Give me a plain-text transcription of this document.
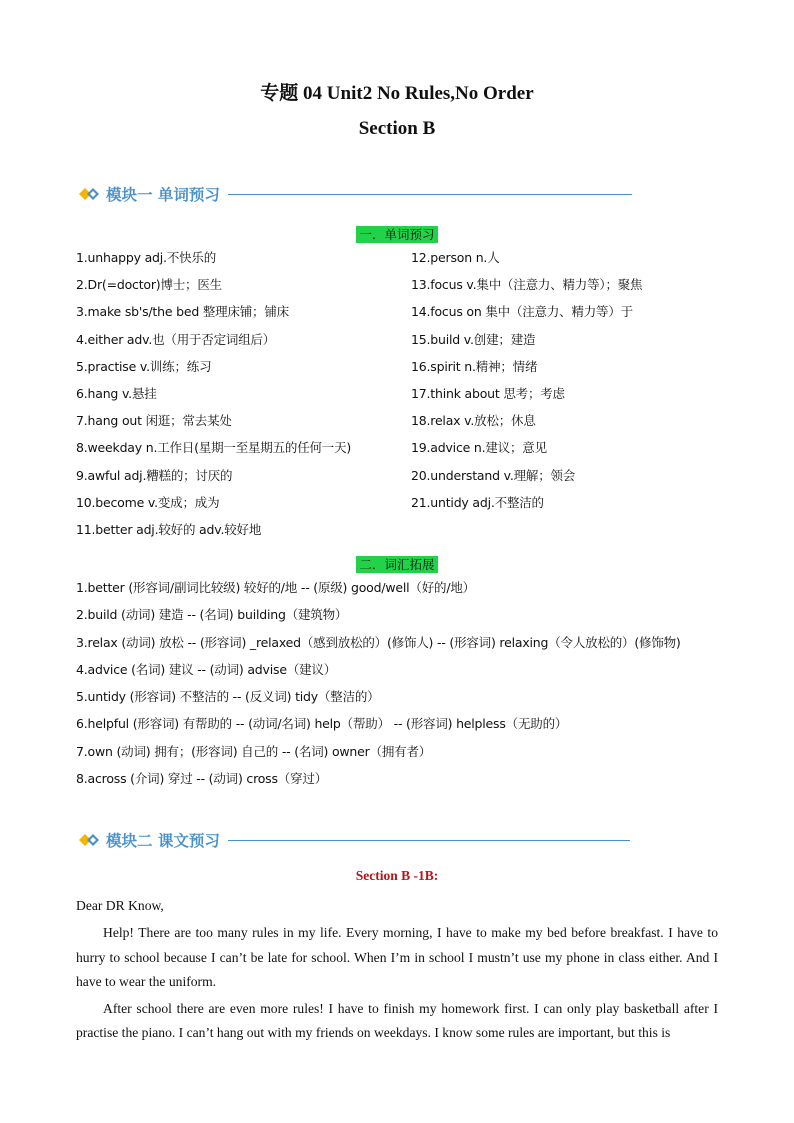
专题 04 Unit2 No Rules,No Order
Section B
模块一 单词预习
一．单词预习
1.unhappy adj.不快乐的
2.Dr(=doctor)博士；医生
3.make sb's/the bed 整理床铺；铺床
4.either adv.也（用于否定词组后）
5.practise v.训练；练习
6.hang v.悬挂
7.hang out 闲逛；常去某处
8.weekday n.工作日(星期一至星期五的任何一天)
9.awful adj.糟糕的；讨厌的
10.become v.变成；成为
11.better adj.较好的 adv.较好地
12.person n.人
13.focus v.集中（注意力、精力等）；聚焦
14.focus on 集中（注意力、精力等）于
15.build v.创建；建造
16.spirit n.精神；情绪
17.think about 思考；考虑
18.relax v.放松；休息
19.advice n.建议；意见
20.understand v.理解；领会
21.untidy adj.不整洁的
二．词汇拓展
1.better (形容词/副词比较级) 较好的/地 -- (原级) good/well（好的/地）
2.build (动词) 建造 -- (名词) building（建筑物）
3.relax (动词) 放松 -- (形容词) _relaxed（感到放松的）(修饰人) -- (形容词) relaxing（令人放松的）(修饰物)
4.advice (名词) 建议 -- (动词) advise（建议）
5.untidy (形容词) 不整洁的 -- (反义词) tidy（整洁的）
6.helpful (形容词) 有帮助的 -- (动词/名词) help（帮助） -- (形容词) helpless（无助的）
7.own (动词) 拥有；(形容词) 自己的 -- (名词) owner（拥有者）
8.across (介词) 穿过 -- (动词) cross（穿过）
模块二 课文预习
Section B -1B:

Dear DR Know,

Help! There are too many rules in my life. Every morning, I have to make my bed before breakfast. I have to hurry to school because I can’t be late for school. When I’m in school I mustn’t use my phone in class either. And I have to wear the uniform.

After school there are even more rules! I have to finish my homework first. I can only play basketball after I practise the piano. I can’t hang out with my friends on weekdays. I know some rules are important, but this is
